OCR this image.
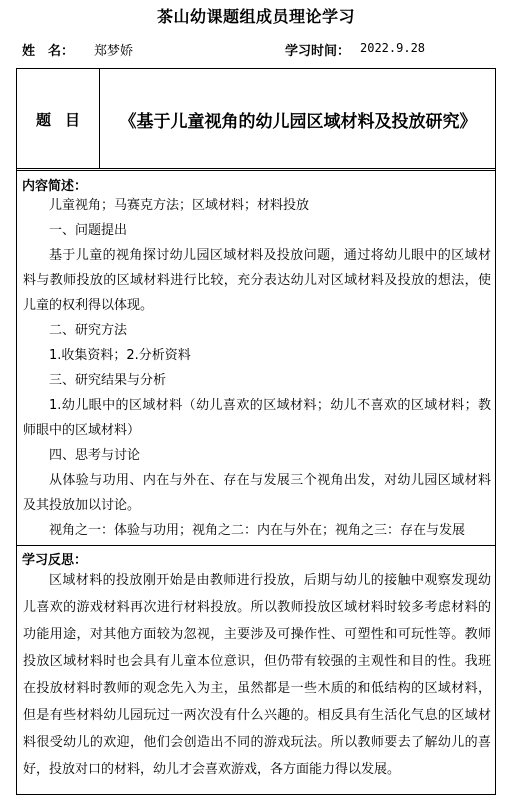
茶山幼课题组成员理论学习
姓　名： 郑梦娇	学习时间： 2022.9.28
题目	《基于儿童视角的幼儿园区域材料及投放研究》
内容简述：
儿童视角；马赛克方法；区域材料；材料投放
一、问题提出
基于儿童的视角探讨幼儿园区域材料及投放问题，通过将幼儿眼中的区域材
料与教师投放的区域材料进行比较，充分表达幼儿对区域材料及投放的想法，使
儿童的权利得以体现。
二、研究方法
1.收集资料；2.分析资料
三、研究结果与分析
1.幼儿眼中的区域材料（幼儿喜欢的区域材料；幼儿不喜欢的区域材料；教
师眼中的区域材料）
四、思考与讨论
从体验与功用、内在与外在、存在与发展三个视角出发，对幼儿园区域材料
及其投放加以讨论。
视角之一：体验与功用；视角之二：内在与外在；视角之三：存在与发展
学习反思：
区域材料的投放刚开始是由教师进行投放，后期与幼儿的接触中观察发现幼
儿喜欢的游戏材料再次进行材料投放。所以教师投放区域材料时较多考虑材料的
功能用途，对其他方面较为忽视，主要涉及可操作性、可塑性和可玩性等。教师
投放区域材料时也会具有儿童本位意识，但仍带有较强的主观性和目的性。我班
在投放材料时教师的观念先入为主，虽然都是一些木质的和低结构的区域材料，
但是有些材料幼儿园玩过一两次没有什么兴趣的。相反具有生活化气息的区域材
料很受幼儿的欢迎，他们会创造出不同的游戏玩法。所以教师要去了解幼儿的喜
好，投放对口的材料，幼儿才会喜欢游戏，各方面能力得以发展。
